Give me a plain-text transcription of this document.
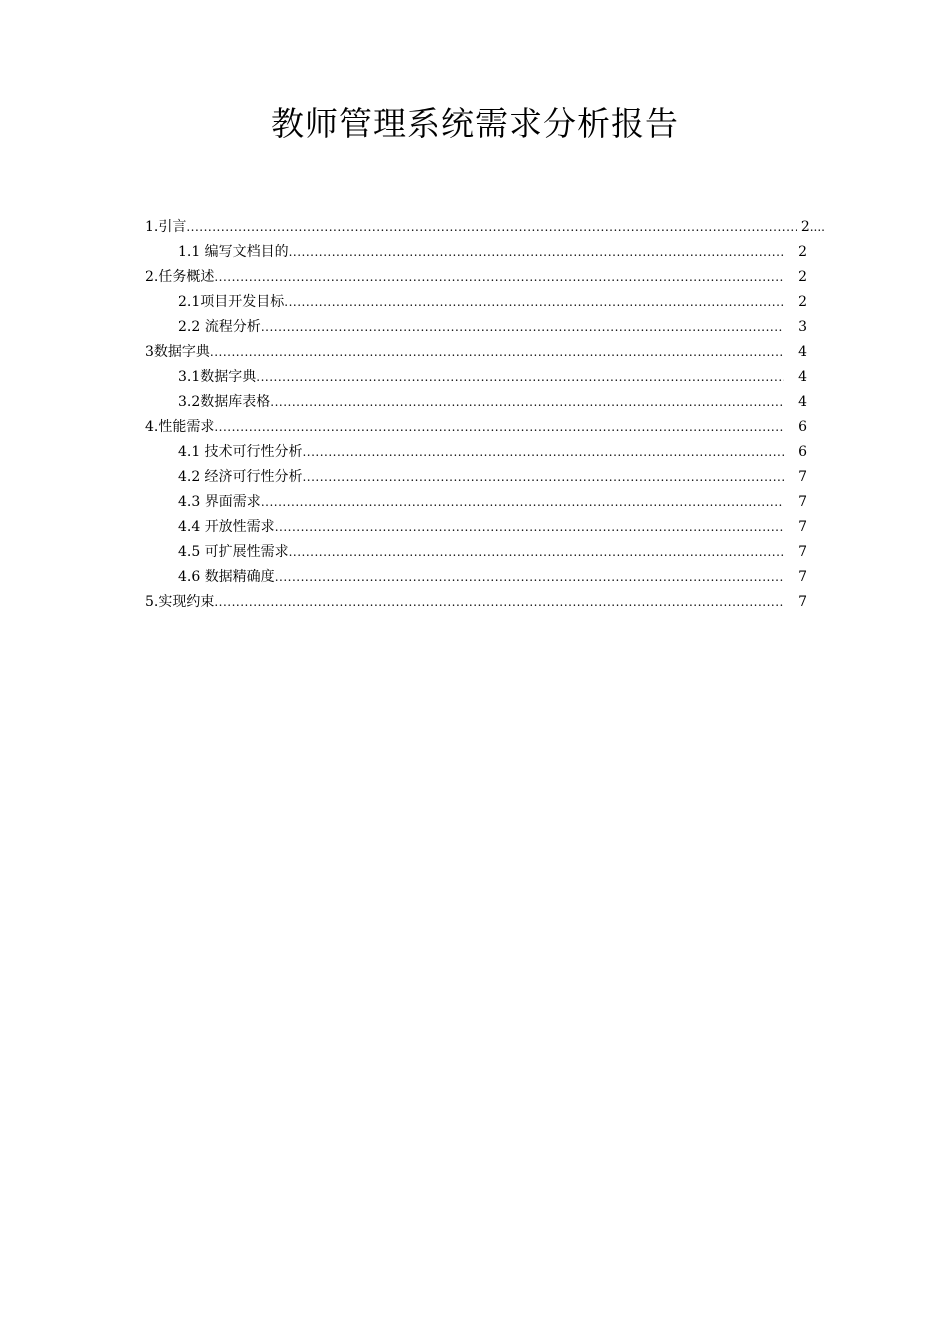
教师管理系统需求分析报告
1. 引言 .....	2 ....
1.1 编写文档目的 .....	2
2. 任务概述 .....	2
2.1 项目开发目标 .....	2
2.2 流程分析 .....	3
3 数据字典 .....	4
3.1 数据字典 .....	4
3.2 数据库表格 .....	4
4. 性能需求 .....	6
4.1 技术可行性分析 .....	6
4.2 经济可行性分析 .....	7
4.3 界面需求 .....	7
4.4 开放性需求 .....	7
4.5 可扩展性需求 .....	7
4.6 数据精确度 .....	7
5. 实现约束 .....	7
